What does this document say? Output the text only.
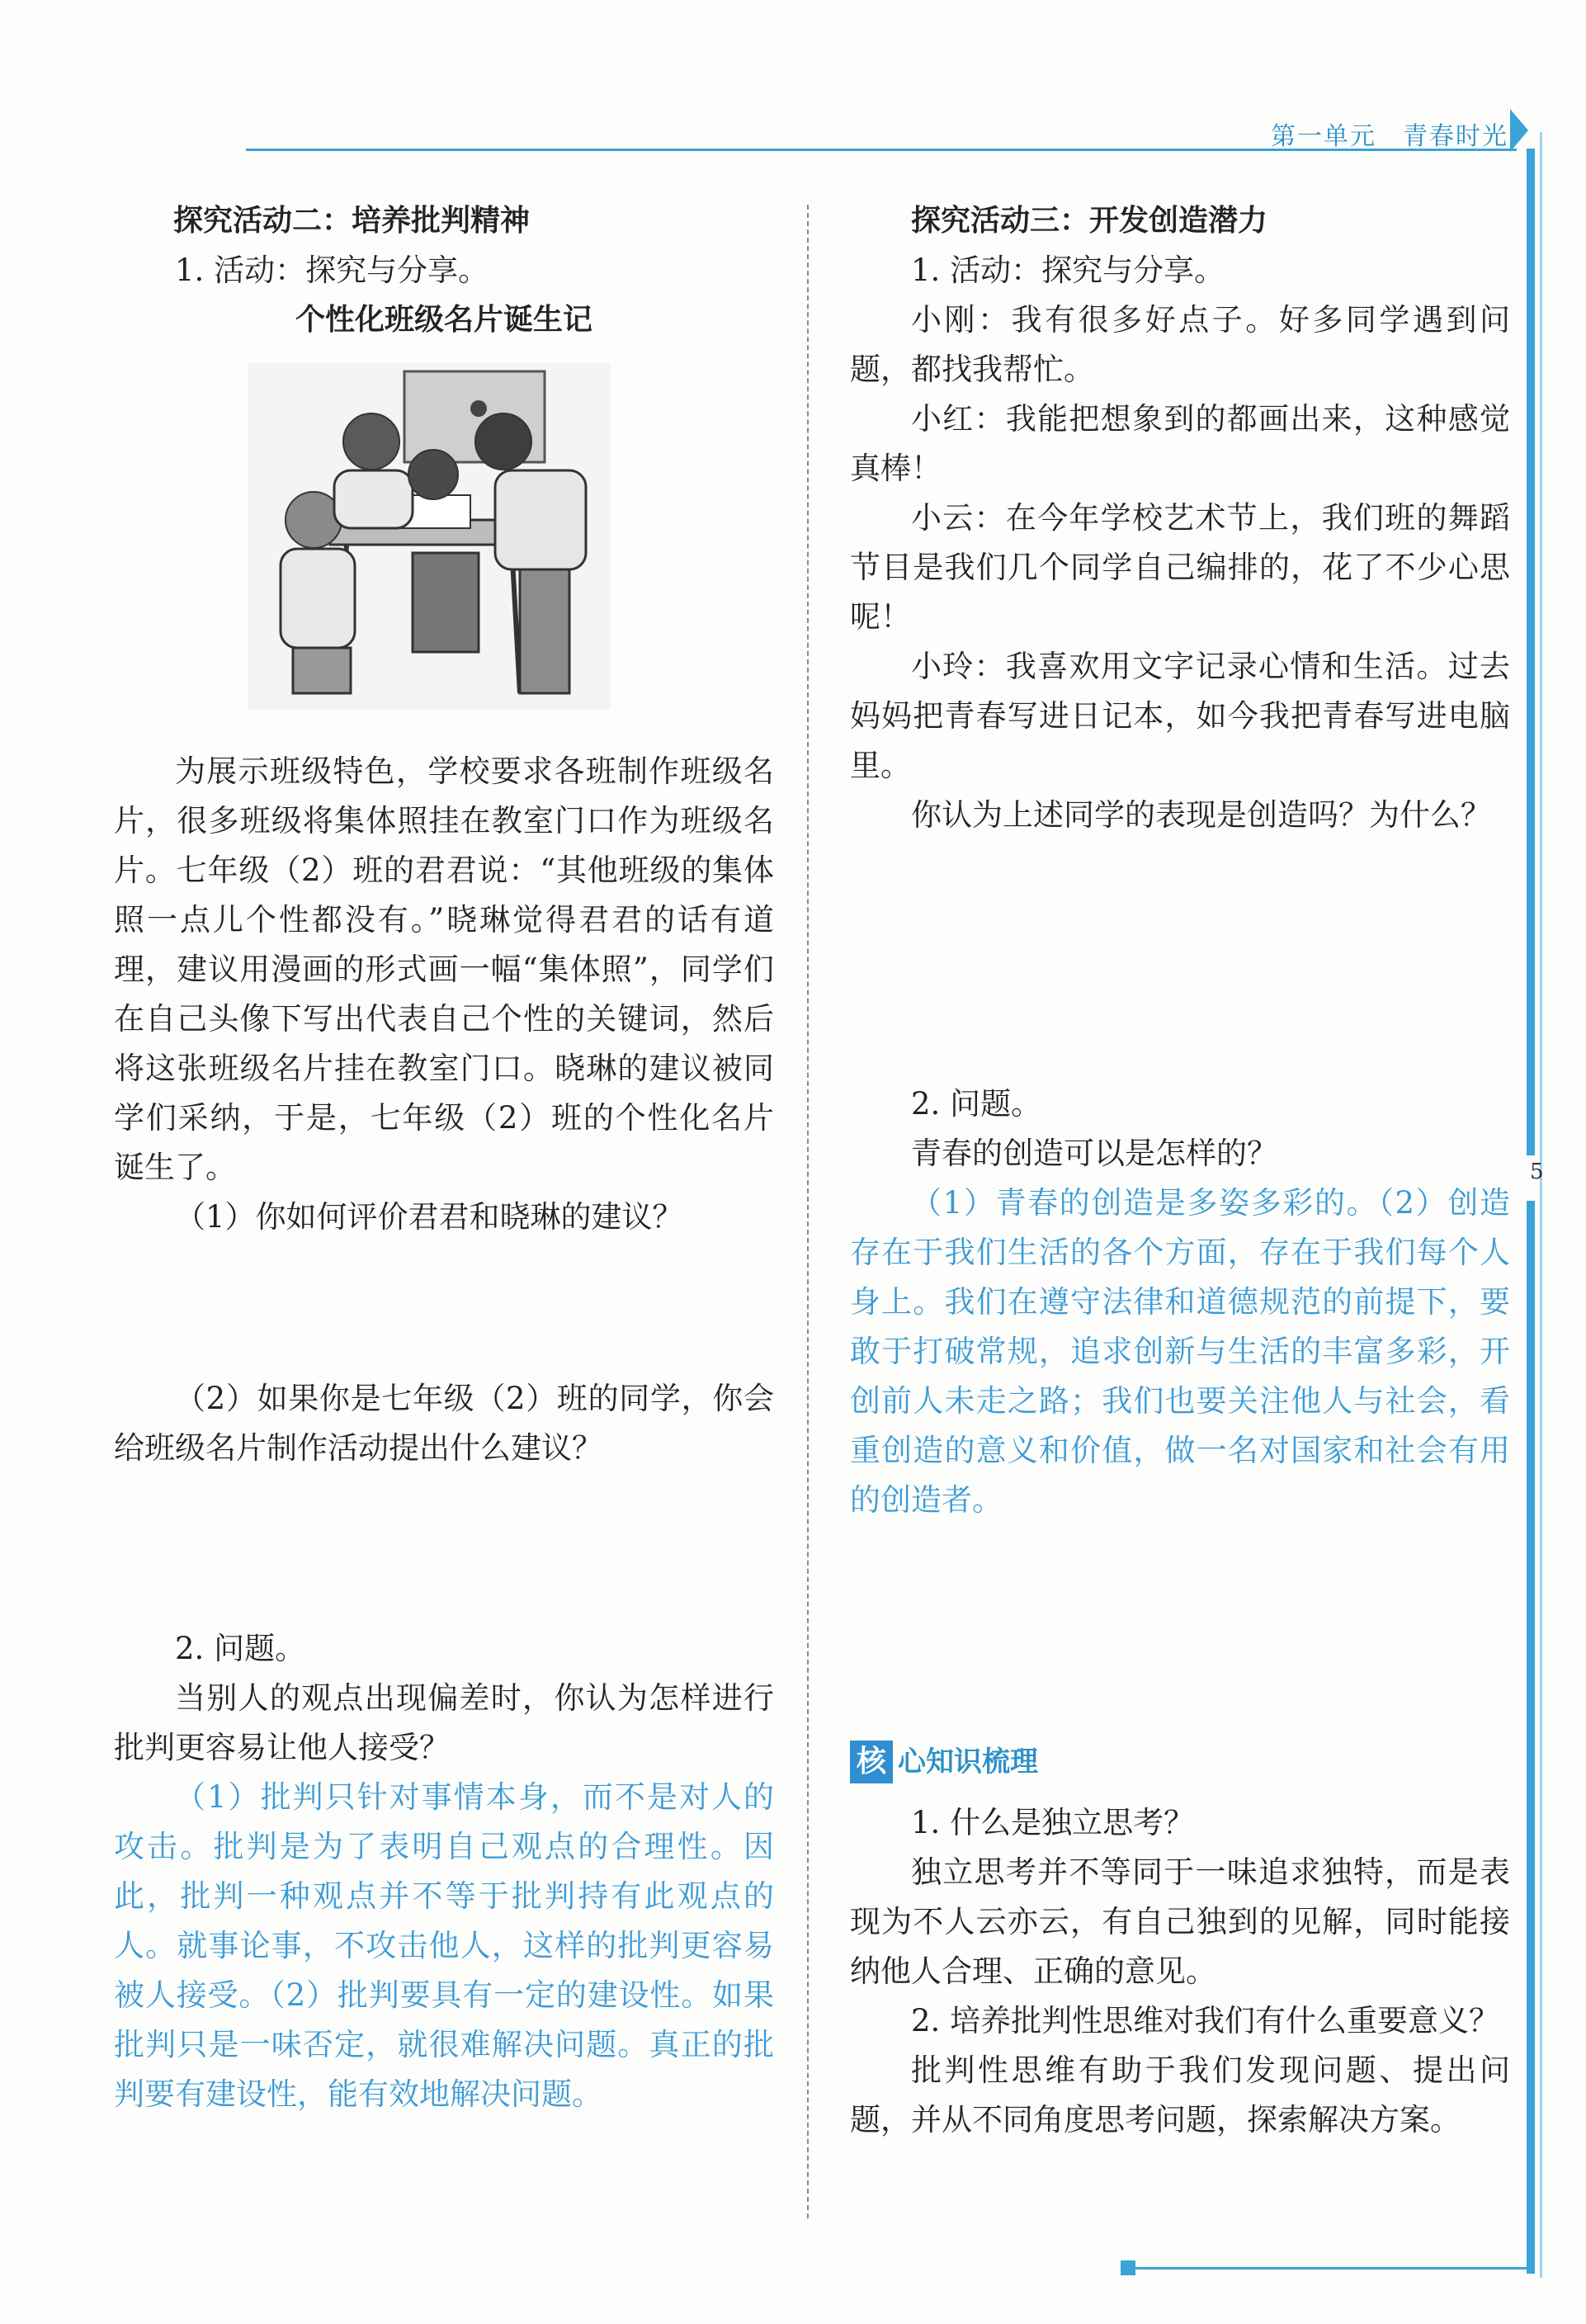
第一单元　青春时光
5

探究活动二：培养批判精神

1. 活动：探究与分享。

个性化班级名片诞生记

为展示班级特色，学校要求各班制作班级名片，很多班级将集体照挂在教室门口作为班级名片。七年级（2）班的君君说：“其他班级的集体照一点儿个性都没有。”晓琳觉得君君的话有道理，建议用漫画的形式画一幅“集体照”，同学们在自己头像下写出代表自己个性的关键词，然后将这张班级名片挂在教室门口。晓琳的建议被同学们采纳，于是，七年级（2）班的个性化名片诞生了。

（1）你如何评价君君和晓琳的建议？

（2）如果你是七年级（2）班的同学，你会给班级名片制作活动提出什么建议？

2. 问题。

当别人的观点出现偏差时，你认为怎样进行批判更容易让他人接受？

（1）批判只针对事情本身，而不是对人的攻击。批判是为了表明自己观点的合理性。因此，批判一种观点并不等于批判持有此观点的人。就事论事，不攻击他人，这样的批判更容易被人接受。（2）批判要具有一定的建设性。如果批判只是一味否定，就很难解决问题。真正的批判要有建设性，能有效地解决问题。

探究活动三：开发创造潜力

1. 活动：探究与分享。

小刚：我有很多好点子。好多同学遇到问题，都找我帮忙。

小红：我能把想象到的都画出来，这种感觉真棒！

小云：在今年学校艺术节上，我们班的舞蹈节目是我们几个同学自己编排的，花了不少心思呢！

小玲：我喜欢用文字记录心情和生活。过去妈妈把青春写进日记本，如今我把青春写进电脑里。

你认为上述同学的表现是创造吗？为什么？

2. 问题。

青春的创造可以是怎样的？

（1）青春的创造是多姿多彩的。（2）创造存在于我们生活的各个方面，存在于我们每个人身上。我们在遵守法律和道德规范的前提下，要敢于打破常规，追求创新与生活的丰富多彩，开创前人未走之路；我们也要关注他人与社会，看重创造的意义和价值，做一名对国家和社会有用的创造者。

核 心知识梳理

1. 什么是独立思考？

独立思考并不等同于一味追求独特，而是表现为不人云亦云，有自己独到的见解，同时能接纳他人合理、正确的意见。

2. 培养批判性思维对我们有什么重要意义？

批判性思维有助于我们发现问题、提出问题，并从不同角度思考问题，探索解决方案。
